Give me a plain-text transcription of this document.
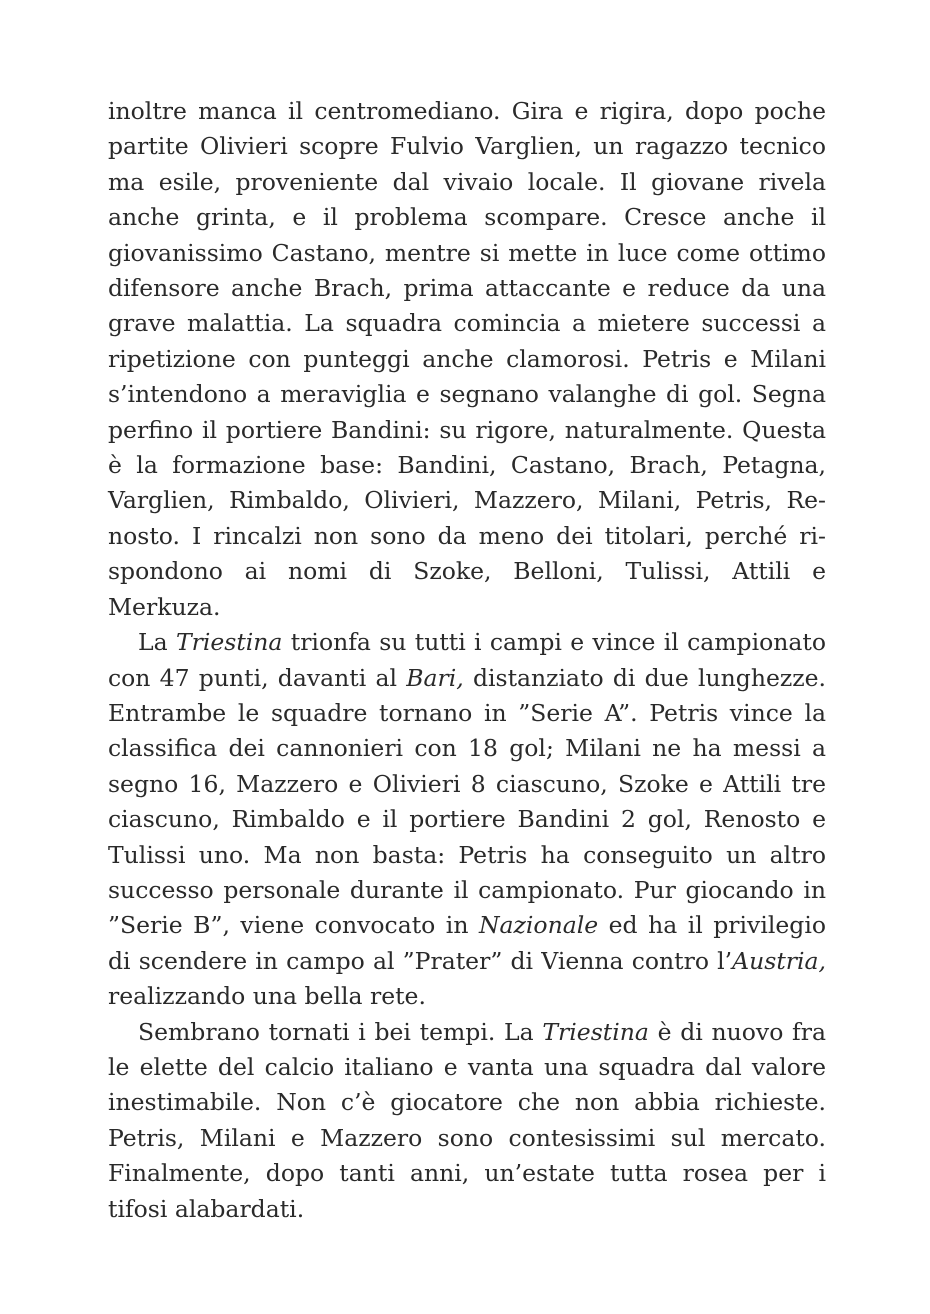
inoltre manca il centromediano. Gira e rigira, dopo poche partite Olivieri scopre Fulvio Varglien, un ragazzo tecnico ma esile, proveniente dal vivaio locale. Il giovane rivela anche grinta, e il problema scompare. Cresce anche il giovanissimo Castano, mentre si mette in luce come ottimo difensore anche Brach, prima attaccante e reduce da una grave malattia. La squadra comincia a mietere successi a ripetizione con punteggi anche clamorosi. Petris e Milani s’intendono a meraviglia e segnano valanghe di gol. Segna perfino il portiere Bandini: su rigore, naturalmente. Questa è la formazione base: Bandini, Castano, Brach, Petagna, Varglien, Rimbaldo, Olivieri, Mazzero, Milani, Petris, Renosto. I rincalzi non sono da meno dei titolari, perché rispondono ai nomi di Szoke, Belloni, Tulissi, Attili e Merkuza.

La Triestina trionfa su tutti i campi e vince il campionato con 47 punti, davanti al Bari, distanziato di due lunghezze. Entrambe le squadre tornano in ”Serie A”. Petris vince la classifica dei cannonieri con 18 gol; Milani ne ha messi a segno 16, Mazzero e Olivieri 8 ciascuno, Szoke e Attili tre ciascuno, Rimbaldo e il portiere Bandini 2 gol, Renosto e Tulissi uno. Ma non basta: Petris ha conseguito un altro successo personale durante il campionato. Pur giocando in ”Serie B”, viene convocato in Nazionale ed ha il privilegio di scendere in campo al ”Prater” di Vienna contro l’Austria, realizzando una bella rete.

Sembrano tornati i bei tempi. La Triestina è di nuovo fra le elette del calcio italiano e vanta una squadra dal valore inestimabile. Non c’è giocatore che non abbia richieste. Petris, Milani e Mazzero sono contesissimi sul mercato. Finalmente, dopo tanti anni, un’estate tutta rosea per i tifosi alabardati.
